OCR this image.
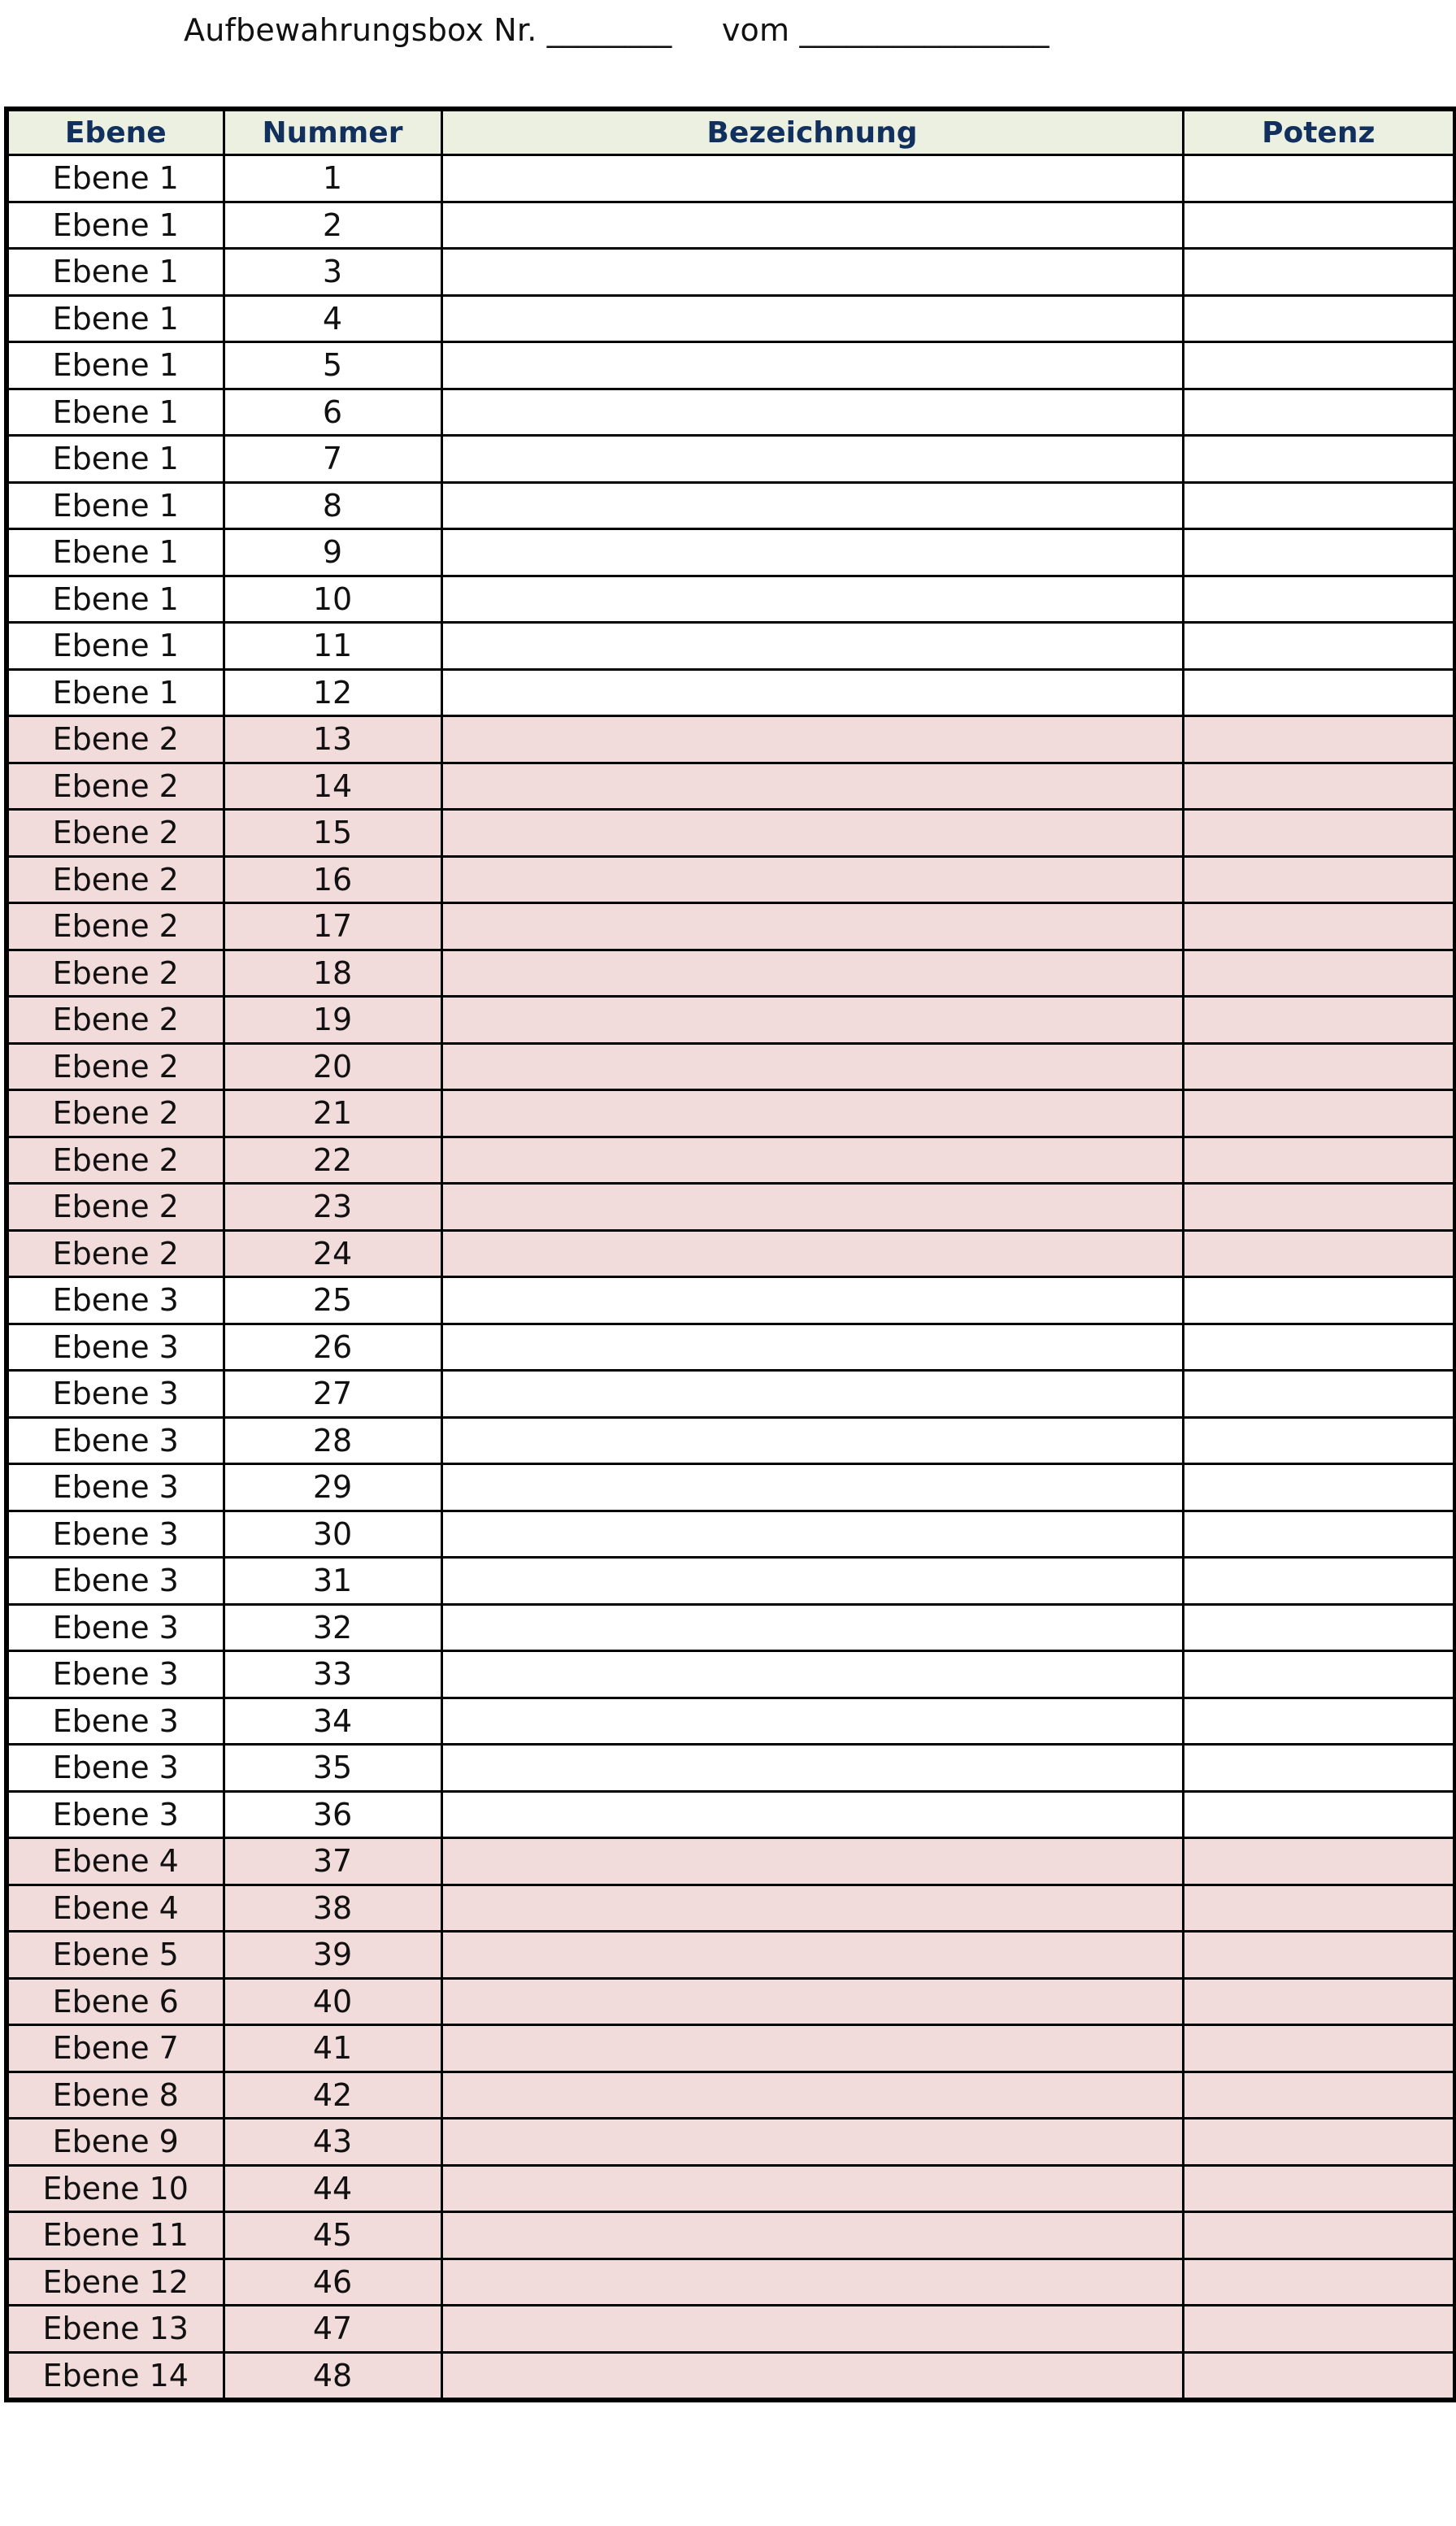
Aufbewahrungsbox Nr. ________
vom ________________
Ebene	Nummer	Bezeichnung	Potenz
Ebene 1	1		
Ebene 1	2		
Ebene 1	3		
Ebene 1	4		
Ebene 1	5		
Ebene 1	6		
Ebene 1	7		
Ebene 1	8		
Ebene 1	9		
Ebene 1	10		
Ebene 1	11		
Ebene 1	12		
Ebene 2	13		
Ebene 2	14		
Ebene 2	15		
Ebene 2	16		
Ebene 2	17		
Ebene 2	18		
Ebene 2	19		
Ebene 2	20		
Ebene 2	21		
Ebene 2	22		
Ebene 2	23		
Ebene 2	24		
Ebene 3	25		
Ebene 3	26		
Ebene 3	27		
Ebene 3	28		
Ebene 3	29		
Ebene 3	30		
Ebene 3	31		
Ebene 3	32		
Ebene 3	33		
Ebene 3	34		
Ebene 3	35		
Ebene 3	36		
Ebene 4	37		
Ebene 4	38		
Ebene 5	39		
Ebene 6	40		
Ebene 7	41		
Ebene 8	42		
Ebene 9	43		
Ebene 10	44		
Ebene 11	45		
Ebene 12	46		
Ebene 13	47		
Ebene 14	48		
